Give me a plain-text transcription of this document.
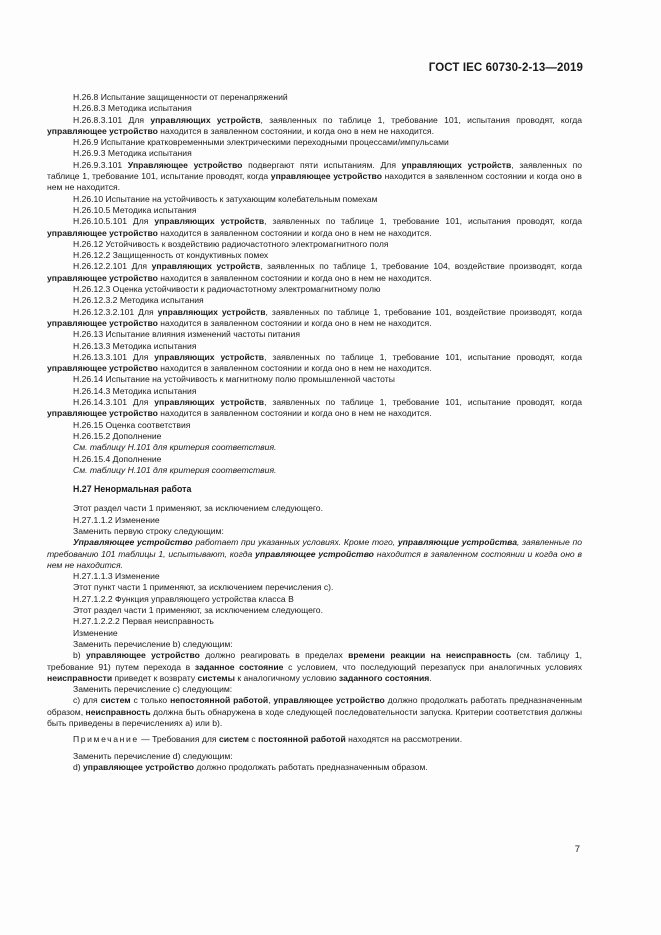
ГОСТ IEC 60730-2-13—2019

H.26.8 Испытание защищенности от перенапряжений

H.26.8.3 Методика испытания

H.26.8.3.101 Для управляющих устройств, заявленных по таблице 1, требование 101, испытания проводят, когда управляющее устройство находится в заявленном состоянии, и когда оно в нем не находится.

H.26.9 Испытание кратковременными электрическими переходными процессами/импульсами

H.26.9.3 Методика испытания

H.26.9.3.101 Управляющее устройство подвергают пяти испытаниям. Для управляющих устройств, заявленных по таблице 1, требование 101, испытание проводят, когда управляющее устройство находится в заявленном состоянии и когда оно в нем не находится.

H.26.10 Испытание на устойчивость к затухающим колебательным помехам

H.26.10.5 Методика испытания

H.26.10.5.101 Для управляющих устройств, заявленных по таблице 1, требование 101, испытания проводят, когда управляющее устройство находится в заявленном состоянии и когда оно в нем не находится.

H.26.12 Устойчивость к воздействию радиочастотного электромагнитного поля

H.26.12.2 Защищенность от кондуктивных помех

H.26.12.2.101 Для управляющих устройств, заявленных по таблице 1, требование 104, воздействие производят, когда управляющее устройство находится в заявленном состоянии и когда оно в нем не находится.

H.26.12.3 Оценка устойчивости к радиочастотному электромагнитному полю

H.26.12.3.2 Методика испытания

H.26.12.3.2.101 Для управляющих устройств, заявленных по таблице 1, требование 101, воздействие производят, когда управляющее устройство находится в заявленном состоянии и когда оно в нем не находится.

H.26.13 Испытание влияния изменений частоты питания

H.26.13.3 Методика испытания

H.26.13.3.101 Для управляющих устройств, заявленных по таблице 1, требование 101, испытание проводят, когда управляющее устройство находится в заявленном состоянии и когда оно в нем не находится.

H.26.14 Испытание на устойчивость к магнитному полю промышленной частоты

H.26.14.3 Методика испытания

H.26.14.3.101 Для управляющих устройств, заявленных по таблице 1, требование 101, испытание проводят, когда управляющее устройство находится в заявленном состоянии и когда оно в нем не находится.

H.26.15 Оценка соответствия

H.26.15.2 Дополнение

См. таблицу H.101 для критерия соответствия.

H.26.15.4 Дополнение

См. таблицу H.101 для критерия соответствия.

H.27 Ненормальная работа

Этот раздел части 1 применяют, за исключением следующего.

H.27.1.1.2 Изменение

Заменить первую строку следующим:

Управляющее устройство работает при указанных условиях. Кроме того, управляющие устройства, заявленные по требованию 101 таблицы 1, испытывают, когда управляющее устройство находится в заявленном состоянии и когда оно в нем не находится.

H.27.1.1.3 Изменение

Этот пункт части 1 применяют, за исключением перечисления c).

H.27.1.2.2 Функция управляющего устройства класса B

Этот раздел части 1 применяют, за исключением следующего.

H.27.1.2.2.2 Первая неисправность

Изменение

Заменить перечисление b) следующим:

b) управляющее устройство должно реагировать в пределах времени реакции на неисправность (см. таблицу 1, требование 91) путем перехода в заданное состояние с условием, что последующий перезапуск при аналогичных условиях неисправности приведет к возврату системы к аналогичному условию заданного состояния.

Заменить перечисление c) следующим:

c) для систем с только непостоянной работой, управляющее устройство должно продолжать работать предназначенным образом, неисправность должна быть обнаружена в ходе следующей последовательности запуска. Критерии соответствия должны быть приведены в перечислениях a) или b).

Примечание — Требования для систем с постоянной работой находятся на рассмотрении.

Заменить перечисление d) следующим:

d) управляющее устройство должно продолжать работать предназначенным образом.

7
